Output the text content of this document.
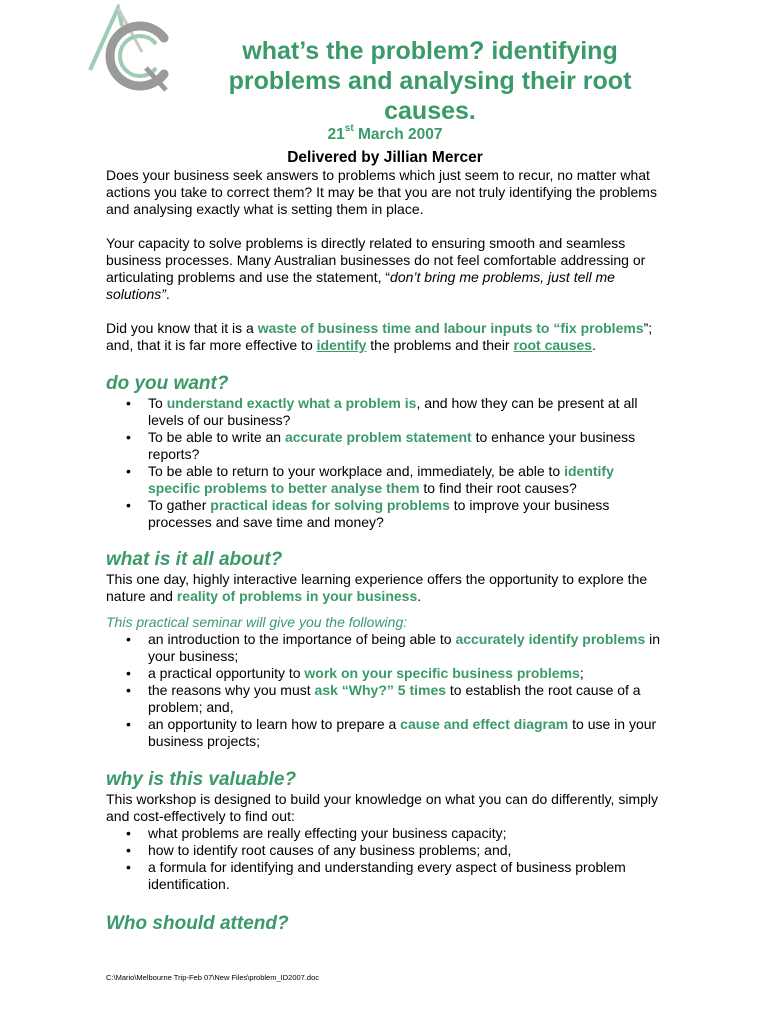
what’s the problem? identifying problems and analysing their root causes.
21st March 2007
Delivered by Jillian Mercer

Does your business seek answers to problems which just seem to recur, no matter what actions you take to correct them? It may be that you are not truly identifying the problems and analysing exactly what is setting them in place.

Your capacity to solve problems is directly related to ensuring smooth and seamless business processes. Many Australian businesses do not feel comfortable addressing or articulating problems and use the statement, “don’t bring me problems, just tell me solutions”.

Did you know that it is a waste of business time and labour inputs to “fix problems”; and, that it is far more effective to identify the problems and their root causes.

do you want?
• To understand exactly what a problem is, and how they can be present at all levels of our business?
• To be able to write an accurate problem statement to enhance your business reports?
• To be able to return to your workplace and, immediately, be able to identify specific problems to better analyse them to find their root causes?
• To gather practical ideas for solving problems to improve your business processes and save time and money?
what is it all about?

This one day, highly interactive learning experience offers the opportunity to explore the nature and reality of problems in your business.

This practical seminar will give you the following:

• an introduction to the importance of being able to accurately identify problems in your business;
• a practical opportunity to work on your specific business problems;
• the reasons why you must ask “Why?” 5 times to establish the root cause of a problem; and,
• an opportunity to learn how to prepare a cause and effect diagram to use in your business projects;
why is this valuable?

This workshop is designed to build your knowledge on what you can do differently, simply and cost-effectively to find out:

• what problems are really effecting your business capacity;
• how to identify root causes of any business problems; and,
• a formula for identifying and understanding every aspect of business problem identification.
Who should attend?
C:\Mario\Melbourne Trip-Feb 07\New Files\problem_ID2007.doc
